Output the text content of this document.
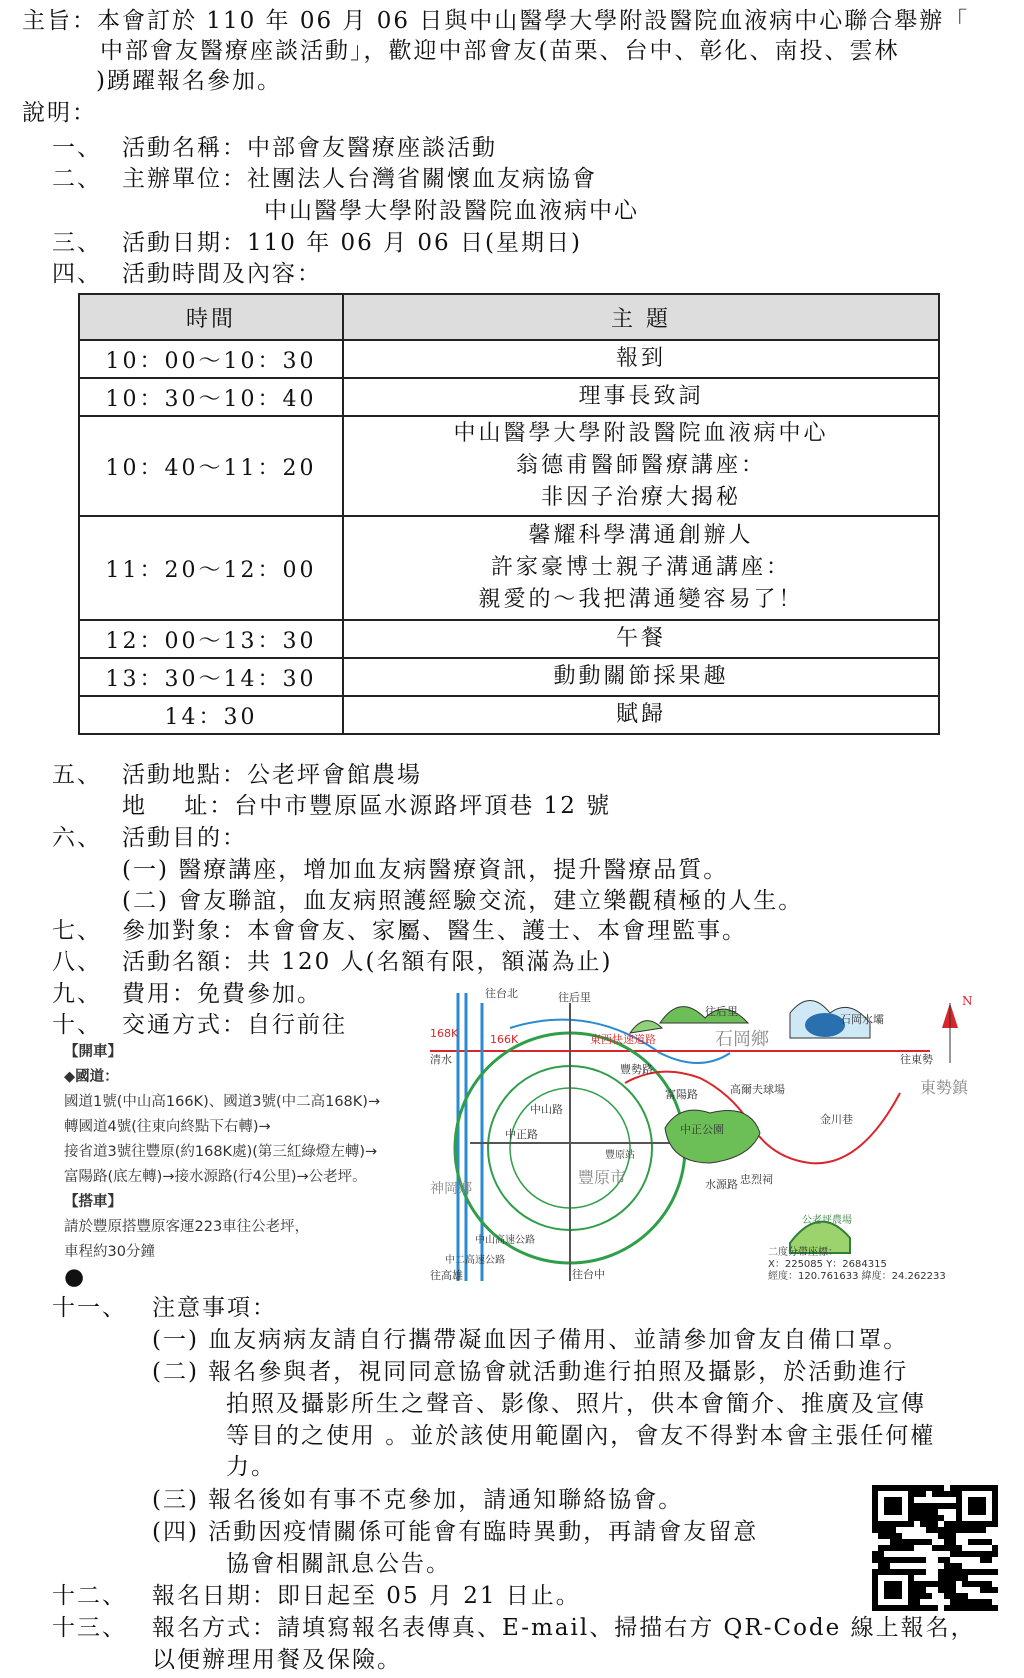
主旨：本會訂於 110 年 06 月 06 日與中山醫學大學附設醫院血液病中心聯合舉辦「
中部會友醫療座談活動」，歡迎中部會友(苗栗、台中、彰化、南投、雲林
)踴躍報名參加。
說明：
一、 活動名稱：中部會友醫療座談活動
二、 主辦單位：社團法人台灣省關懷血友病協會
中山醫學大學附設醫院血液病中心
三、 活動日期：110 年 06 月 06 日(星期日)
四、 活動時間及內容：
時間	主 題
10：00～10：30	報到

10：30～10：40	理事長致詞

10：40～11：20	中山醫學大學附設醫院血液病中心
翁德甫醫師醫療講座：
非因子治療大揭秘

11：20～12：00	馨耀科學溝通創辦人
許家豪博士親子溝通講座：
親愛的～我把溝通變容易了！

12：00～13：30	午餐

13：30～14：30	動動關節採果趣

14：30	賦歸
五、 活動地點：公老坪會館農場
地    址：台中市豐原區水源路坪頂巷 12 號
六、 活動目的：
(一) 醫療講座，增加血友病醫療資訊，提升醫療品質。
(二) 會友聯誼，血友病照護經驗交流，建立樂觀積極的人生。
七、 參加對象：本會會友、家屬、醫生、護士、本會理監事。
八、 活動名額：共 120 人(名額有限，額滿為止)
九、 費用：免費參加。
十、 交通方式：自行前往
【開車】
◆國道：
國道1號(中山高166K)、國道3號(中二高168K)→
轉國道4號(往東向終點下右轉)→
接省道3號往豐原(約168K處)(第三紅綠燈左轉)→
富陽路(底左轉)→接水源路(行4公里)→公老坪。
【搭車】
請於豐原搭豐原客運223車往公老坪，
車程約30分鐘
●
N
往台北
往后里
往后里
石岡鄉
石岡水壩
往東勢
東勢鎮
168K	166K
清水
東西快速道路
豐原市
神岡鄉
中山路
中正路
豐勢路
富陽路
水源路
中正公園
高爾夫球場
金川巷
忠烈祠
中二高速公路
中山高速公路
往台中
往高雄
豐原站
公老坪農場
二度分帶座標：
X：225085 Y：2684315
經度：120.761633 緯度：24.262233
十一、 注意事項：
(一) 血友病病友請自行攜帶凝血因子備用、並請參加會友自備口罩。
(二) 報名參與者，視同同意協會就活動進行拍照及攝影，於活動進行
拍照及攝影所生之聲音、影像、照片，供本會簡介、推廣及宣傳
等目的之使用 。並於該使用範圍內，會友不得對本會主張任何權
力。
(三) 報名後如有事不克參加，請通知聯絡協會。
(四) 活動因疫情關係可能會有臨時異動，再請會友留意
協會相關訊息公告。
十二、 報名日期：即日起至 05 月 21 日止。
十三、 報名方式：請填寫報名表傳真、E-mail、掃描右方 QR-Code 線上報名，
以便辦理用餐及保險。
